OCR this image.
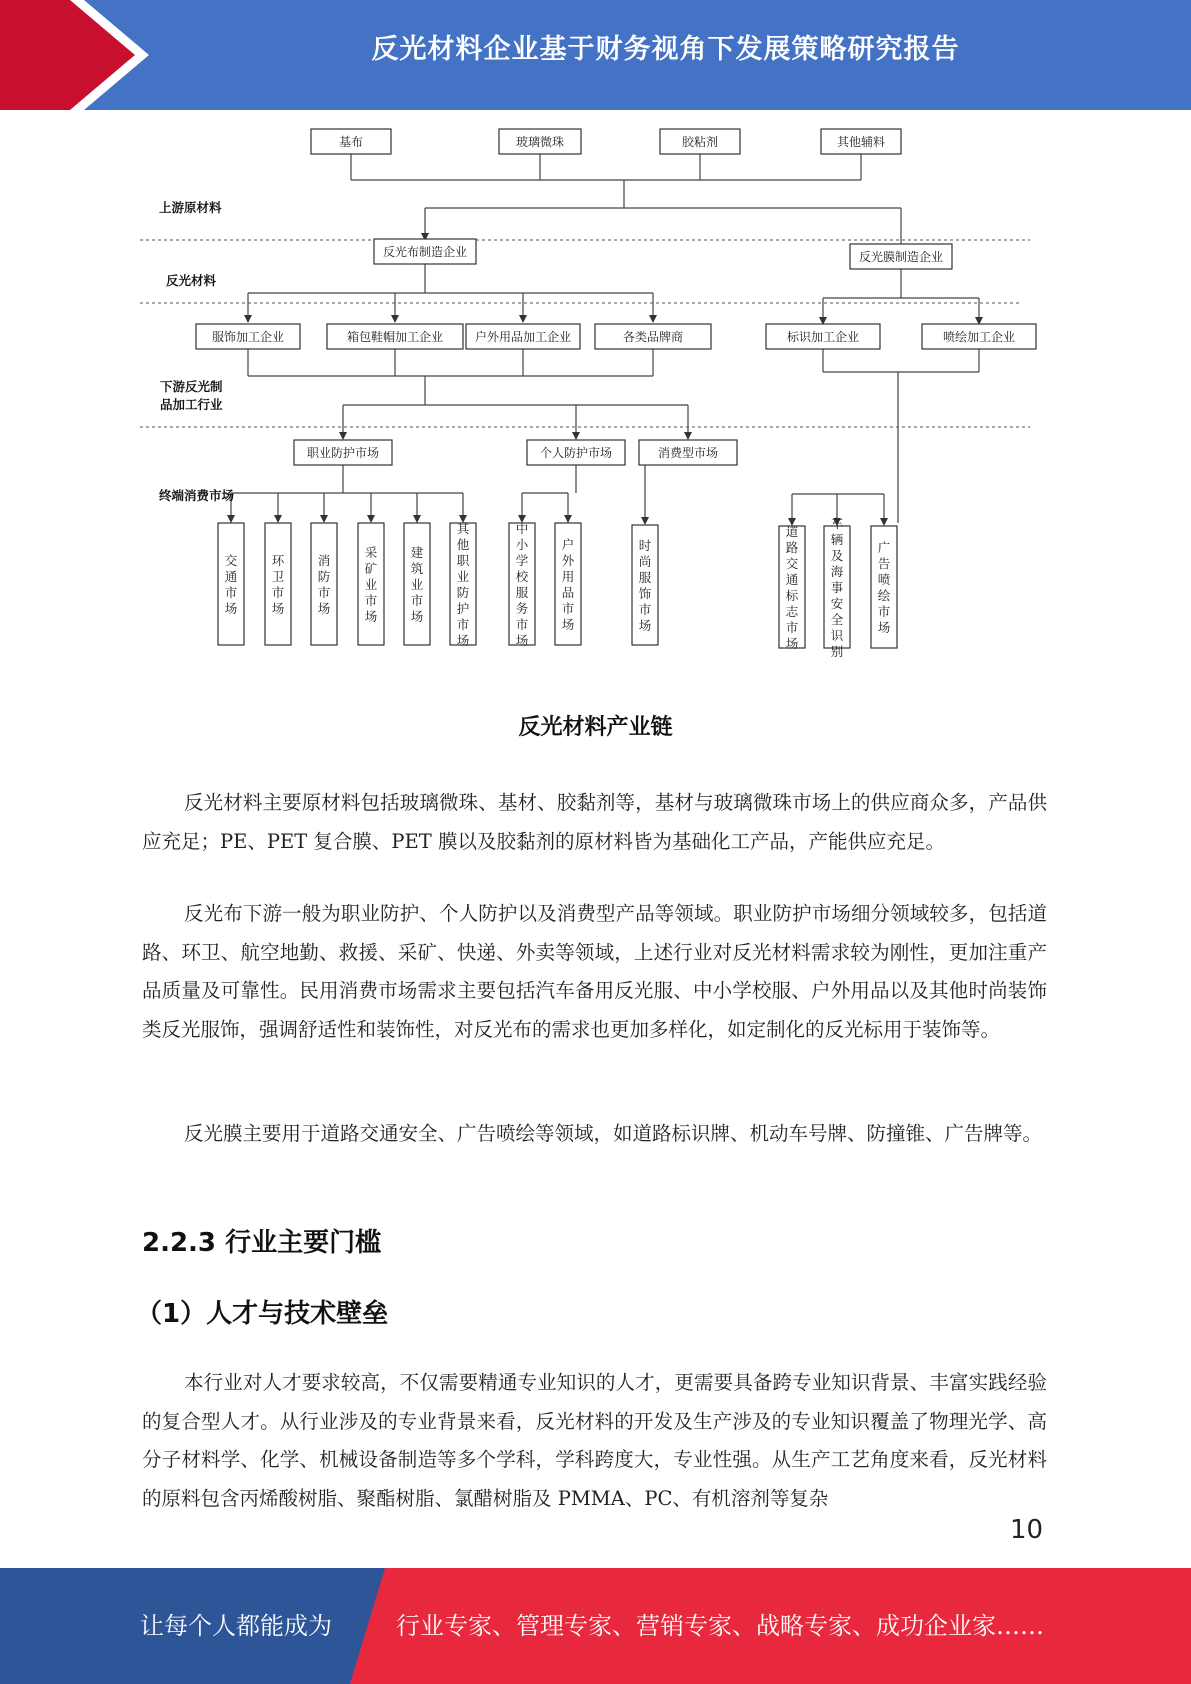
反光材料企业基于财务视角下发展策略研究报告
上游原材料
反光材料
下游反光制
品加工行业
终端消费市场
基布	玻璃微珠	胶粘剂	其他辅料
反光布制造企业	反光膜制造企业
服饰加工企业	箱包鞋帽加工企业	户外用品加工企业	各类品牌商	标识加工企业	喷绘加工企业
职业防护市场	个人防护市场	消费型市场
交
通
市
场
环
卫
市
场
消
防
市
场
采
矿
业
市
场
建
筑
业
市
场
其
他
职
业
防
护
市
场
中
小
学
校
服
务
市
场
户
外
用
品
市
场
时
尚
服
饰
市
场
道
路
交
通
标
志
市
场
车
辆
及
海
事
安
全
识
别
广
告
喷
绘
市
场
反光材料产业链

反光材料主要原材料包括玻璃微珠、基材、胶黏剂等，基材与玻璃微珠市场上的供应商众多，产品供应充足；PE、PET 复合膜、PET 膜以及胶黏剂的原材料皆为基础化工产品，产能供应充足。

反光布下游一般为职业防护、个人防护以及消费型产品等领域。职业防护市场细分领域较多，包括道路、环卫、航空地勤、救援、采矿、快递、外卖等领域，上述行业对反光材料需求较为刚性，更加注重产品质量及可靠性。民用消费市场需求主要包括汽车备用反光服、中小学校服、户外用品以及其他时尚装饰类反光服饰，强调舒适性和装饰性，对反光布的需求也更加多样化，如定制化的反光标用于装饰等。

反光膜主要用于道路交通安全、广告喷绘等领域，如道路标识牌、机动车号牌、防撞锥、广告牌等。

2.2.3 行业主要门槛
（1）人才与技术壁垒

本行业对人才要求较高，不仅需要精通专业知识的人才，更需要具备跨专业知识背景、丰富实践经验的复合型人才。从行业涉及的专业背景来看，反光材料的开发及生产涉及的专业知识覆盖了物理光学、高分子材料学、化学、机械设备制造等多个学科，学科跨度大，专业性强。从生产工艺角度来看，反光材料的原料包含丙烯酸树脂、聚酯树脂、氯醋树脂及 PMMA、PC、有机溶剂等复杂

10
让每个人都能成为	行业专家、管理专家、营销专家、战略专家、成功企业家……
